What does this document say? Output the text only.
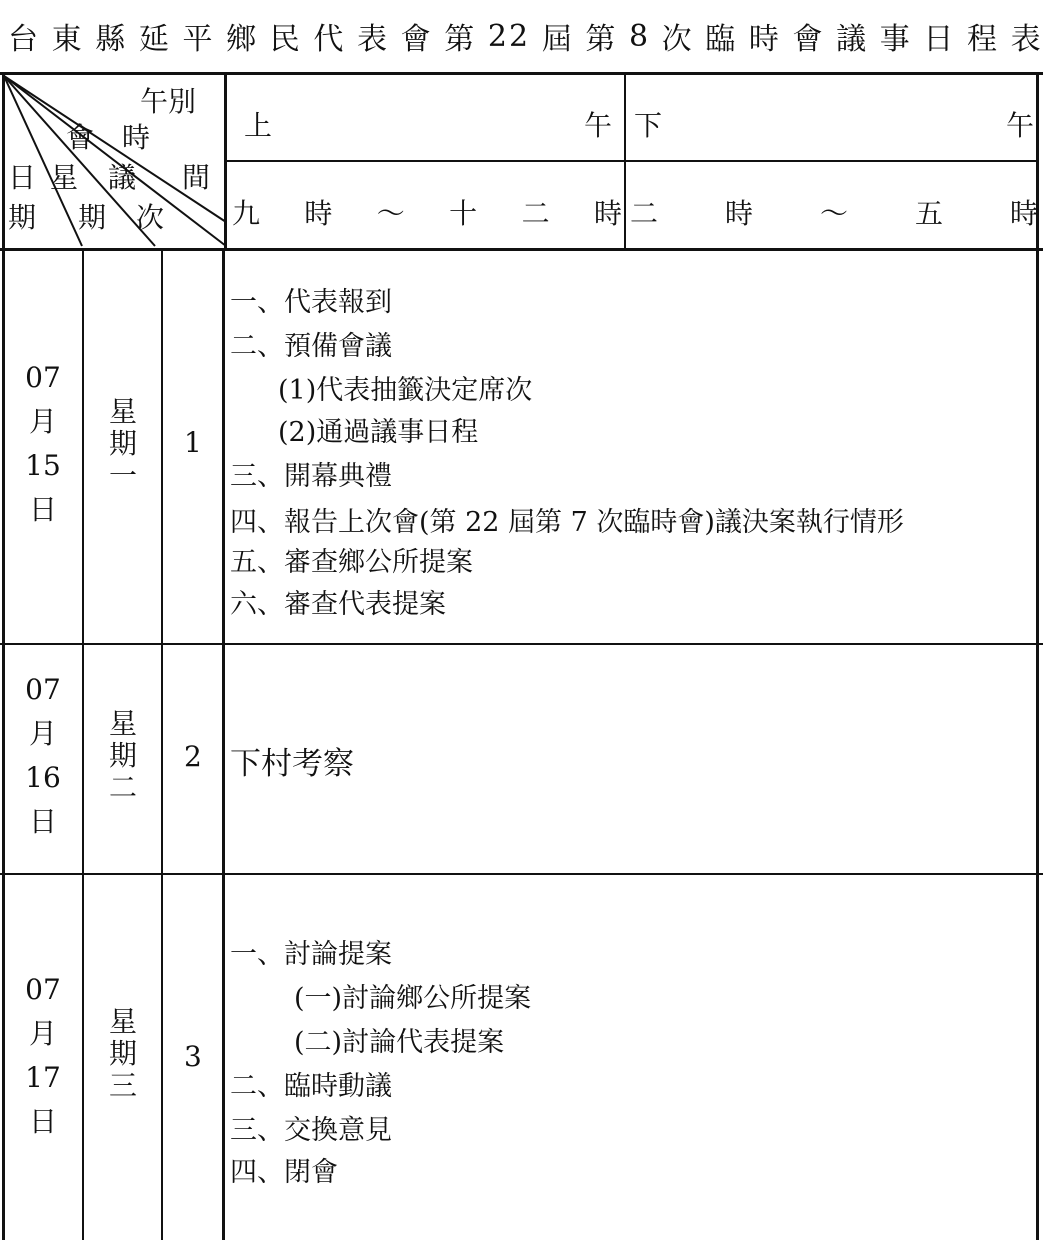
台 東 縣 延 平 鄉 民 代 表 會 第 22 屆 第 8 次 臨 時 會 議 事 日 程 表
午別
會 時
間
日
期
星
期
議
次
上	午
九 時 ～ 十 二 時
下	午
二 時 ～ 五 時
07
月
15
日
星
期
一
1
一、代表報到
二、預備會議
(1)代表抽籤決定席次
(2)通過議事日程
三、開幕典禮
四、報告上次會(第 22 屆第 7 次臨時會)議決案執行情形
五、審查鄉公所提案
六、審查代表提案
07
月
16
日
星
期
二
2 下村考察
07
月
17
日
星
期
三
3
一、討論提案
(一)討論鄉公所提案
(二)討論代表提案
二、臨時動議
三、交換意見
四、閉會
